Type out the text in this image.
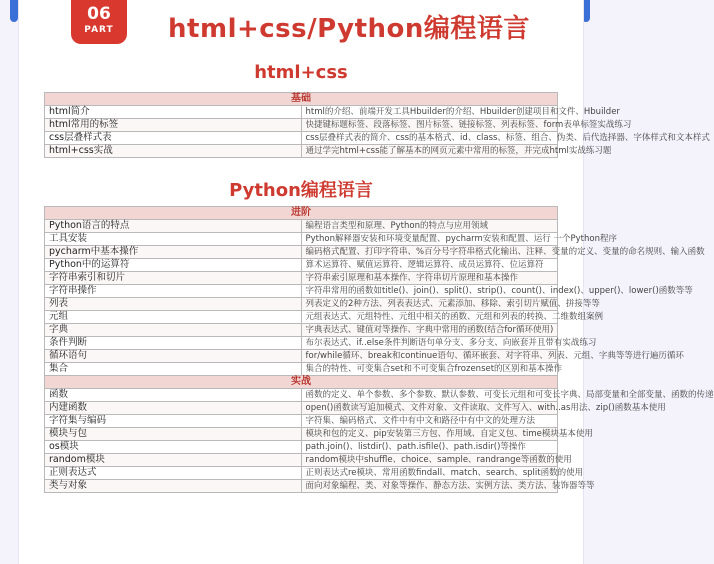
06
PART	html+css/Python编程语言
html+css
基础	
html简介	html的介绍、前端开发工具Hbuilder的介绍、Hbuilder创建项目和文件、Hbuilder
html常用的标签	快捷键标题标签、段落标签、图片标签、链接标签、列表标签、form表单标签实战练习
css层叠样式表	css层叠样式表的简介、css的基本格式、id、class、标签、组合、伪类、后代选择器、字体样式和文本样式
html+css实战	通过学完html+css能了解基本的网页元素中常用的标签，并完成html实战练习题
Python编程语言
进阶	
Python语言的特点	编程语言类型和原理、Python的特点与应用领域
工具安装	Python解释器安装和环境变量配置、pycharm安装和配置、运行 一个Python程序
pycharm中基本操作	编码格式配置、打印字符串、%百分号字符串格式化输出、注释、变量的定义、变量的命名规则、输入函数
Python中的运算符	算术运算符、赋值运算符、逻辑运算符、成员运算符、位运算符
字符串索引和切片	字符串索引原理和基本操作、字符串切片原理和基本操作
字符串操作	字符串常用的函数如title()、join()、split()、strip()、count()、index()、upper()、lower()函数等等
列表	列表定义的2种方法、列表表达式、元素添加、移除、索引切片赋值、拼接等等
元组	元组表达式、元组特性、元组中相关的函数、元组和列表的转换、二维数组案例
字典	字典表达式、键值对等操作、字典中常用的函数(结合for循环使用)
条件判断	布尔表达式、if..else条件判断语句单分支、多分支、向嵌套并且带有实战练习
循环语句	for/while循环、break和continue语句、循环嵌套、对字符串、列表、元组、字典等等进行遍历循环
集合	集合的特性、可变集合set和不可变集合frozenset的区别和基本操作
实战	
函数	函数的定义、单个参数、多个参数、默认参数、可变长元组和可变长字典、局部变量和全部变量、函数的传递
内建函数	open()函数读写追加模式、文件对象、文件读取、文件写入、with..as用法、zip()函数基本使用
字符集与编码	字符集、编码格式、文件中有中文和路径中有中文的处理方法
模块与包	模块和包的定义、pip安装第三方包、作用域、自定义包、time模块基本使用
os模块	path.join()、listdir()、path.isfile()、path.isdir()等操作
random模块	random模块中shuffle、choice、sample、randrange等函数的使用
正则表达式	正则表达式re模块、常用函数findall、match、search、split函数的使用
类与对象	面向对象编程、类、对象等操作、静态方法、实例方法、类方法、装饰器等等
